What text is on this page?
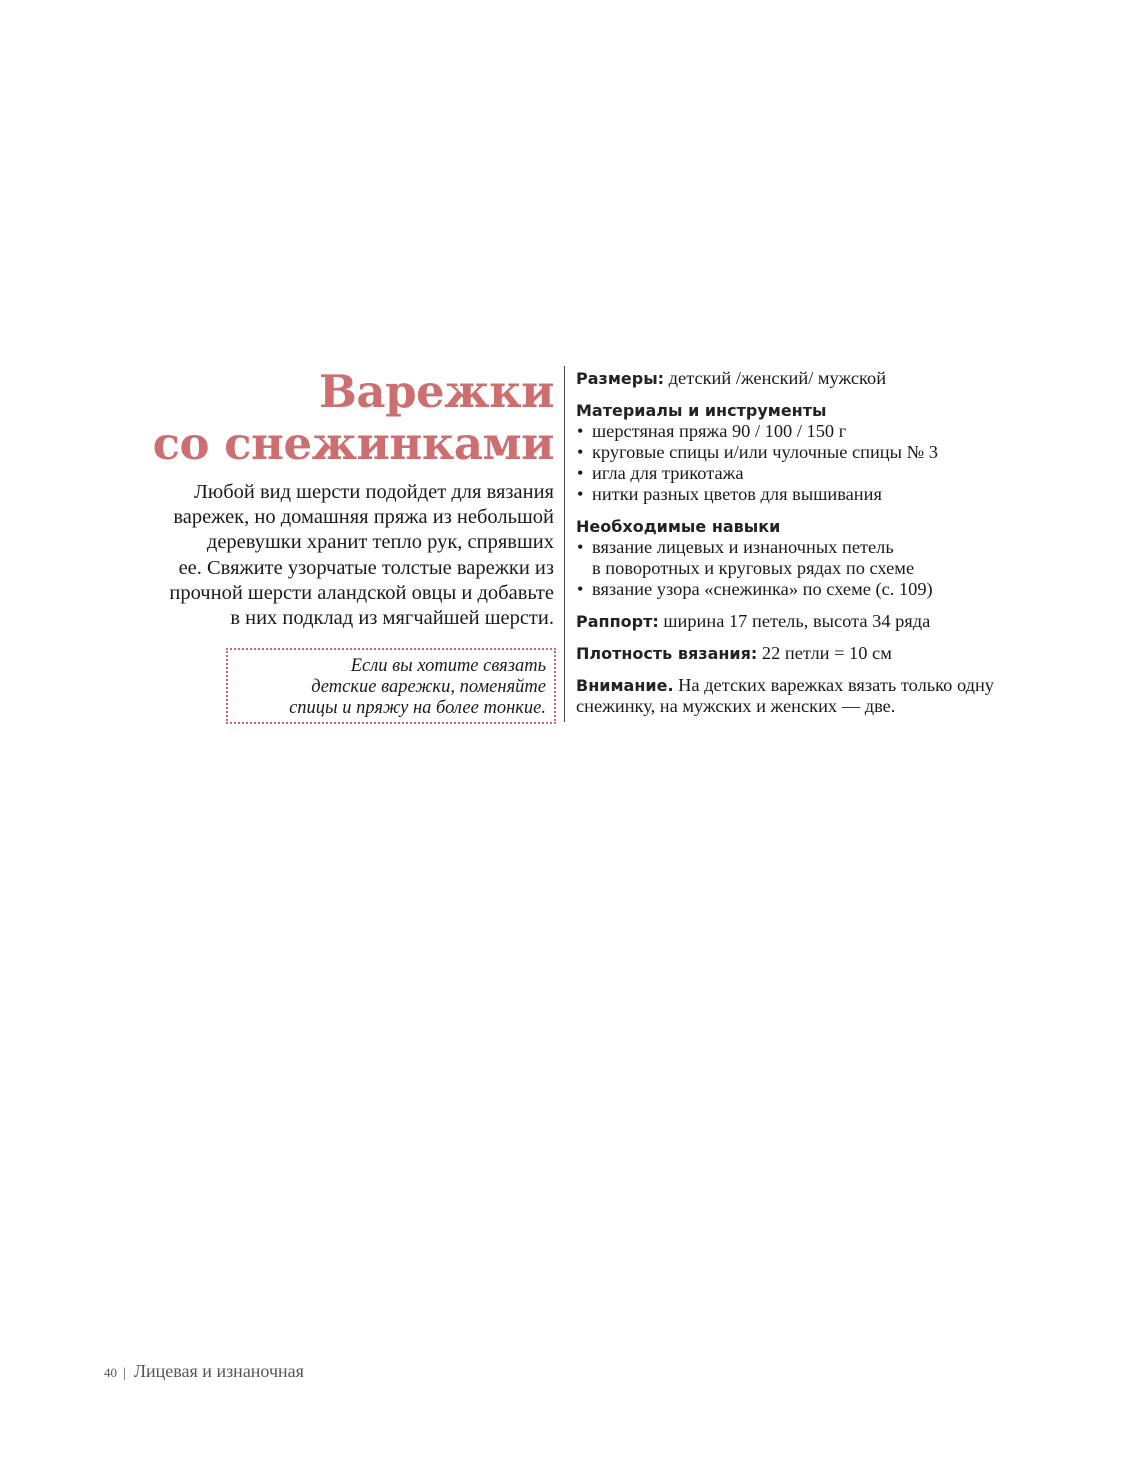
Варежки
со снежинками

Любой вид шерсти подойдет для вязания
варежек, но домашняя пряжа из небольшой
деревушки хранит тепло рук, спрявших
ее. Свяжите узорчатые толстые варежки из
прочной шерсти аландской овцы и добавьте
в них подклад из мягчайшей шерсти.

Если вы хотите связать
детские варежки, поменяйте
спицы и пряжу на более тонкие.
Размеры: детский /женский/ мужской
Материалы и инструменты
• шерстяная пряжа 90 / 100 / 150 г
• круговые спицы и/или чулочные спицы № 3
• игла для трикотажа
• нитки разных цветов для вышивания
Необходимые навыки
• вязание лицевых и изнаночных петель
в поворотных и круговых рядах по схеме
• вязание узора «снежинка» по схеме (с. 109)
Раппорт: ширина 17 петель, высота 34 ряда
Плотность вязания: 22 петли = 10 см
Внимание. На детских варежках вязать только одну снежинку, на мужских и женских — две.
40 | Лицевая и изнаночная
